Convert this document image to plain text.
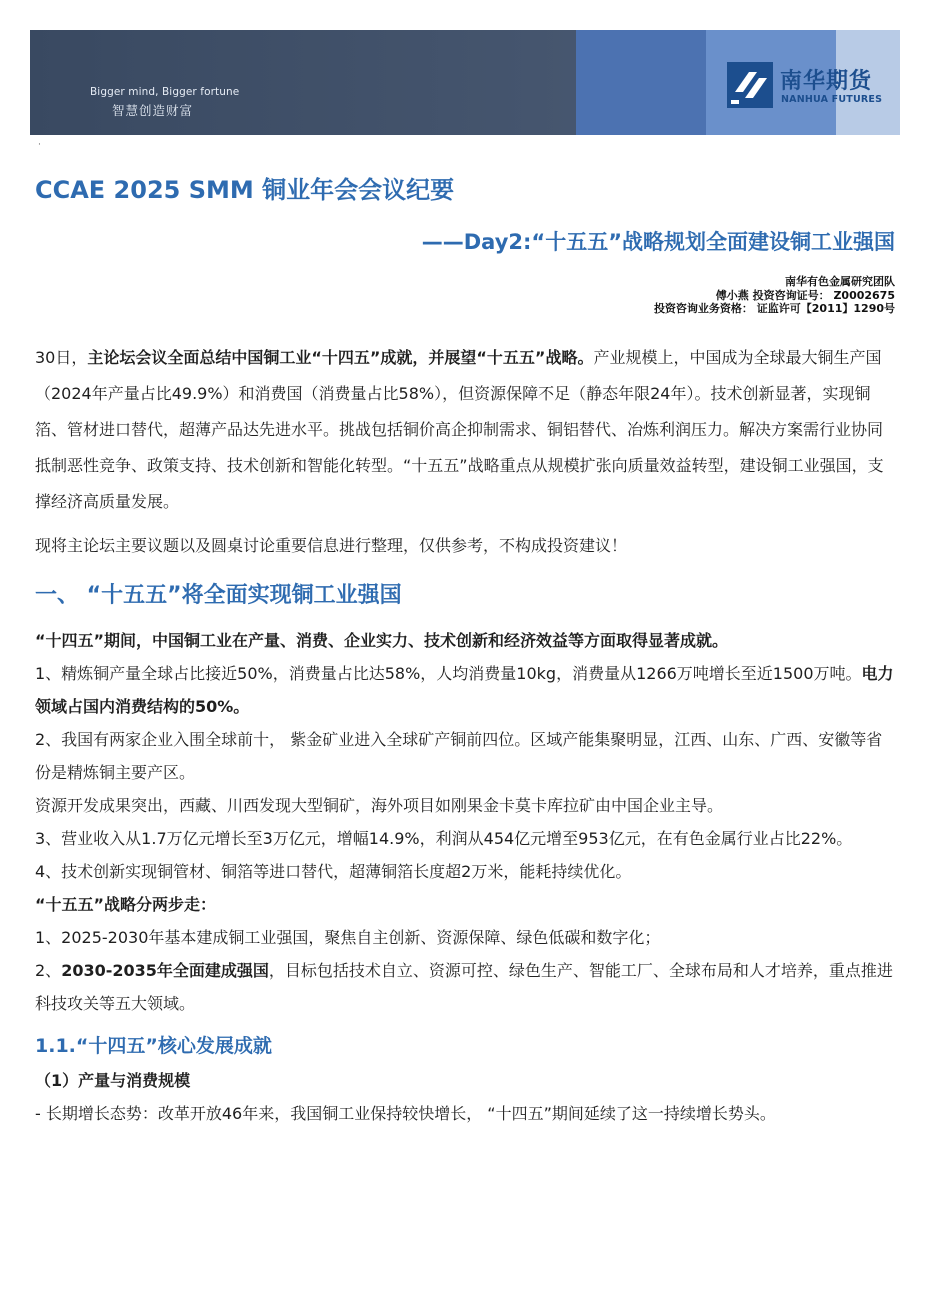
Bigger mind, Bigger fortune
智慧创造财富
南华期货
NANHUA FUTURES
·
CCAE 2025 SMM 铜业年会会议纪要
——Day2:“十五五”战略规划全面建设铜工业强国
南华有色金属研究团队
傅小燕 投资咨询证号： Z0002675
投资咨询业务资格： 证监许可【2011】1290号

30日，主论坛会议全面总结中国铜工业“十四五”成就，并展望“十五五”战略。产业规模上，中国成为全球最大铜生产国（2024年产量占比49.9%）和消费国（消费量占比58%），但资源保障不足（静态年限24年）。技术创新显著，实现铜箔、管材进口替代，超薄产品达先进水平。挑战包括铜价高企抑制需求、铜铝替代、冶炼利润压力。解决方案需行业协同抵制恶性竞争、政策支持、技术创新和智能化转型。“十五五”战略重点从规模扩张向质量效益转型，建设铜工业强国，支撑经济高质量发展。

现将主论坛主要议题以及圆桌讨论重要信息进行整理，仅供参考，不构成投资建议！

一、 “十五五”将全面实现铜工业强国
“十四五”期间，中国铜工业在产量、消费、企业实力、技术创新和经济效益等方面取得显著成就。

1、精炼铜产量全球占比接近50%，消费量占比达58%，人均消费量10kg，消费量从1266万吨增长至近1500万吨。电力领域占国内消费结构的50%。

2、我国有两家企业入围全球前十， 紫金矿业进入全球矿产铜前四位。区域产能集聚明显，江西、山东、广西、安徽等省份是精炼铜主要产区。

资源开发成果突出，西藏、川西发现大型铜矿，海外项目如刚果金卡莫卡库拉矿由中国企业主导。

3、营业收入从1.7万亿元增长至3万亿元，增幅14.9%，利润从454亿元增至953亿元，在有色金属行业占比22%。

4、技术创新实现铜管材、铜箔等进口替代，超薄铜箔长度超2万米，能耗持续优化。

“十五五”战略分两步走：

1、2025-2030年基本建成铜工业强国，聚焦自主创新、资源保障、绿色低碳和数字化；

2、2030-2035年全面建成强国，目标包括技术自立、资源可控、绿色生产、智能工厂、全球布局和人才培养，重点推进科技攻关等五大领域。

1.1.“十四五”核心发展成就
（1）产量与消费规模

- 长期增长态势：改革开放46年来，我国铜工业保持较快增长， “十四五”期间延续了这一持续增长势头。
